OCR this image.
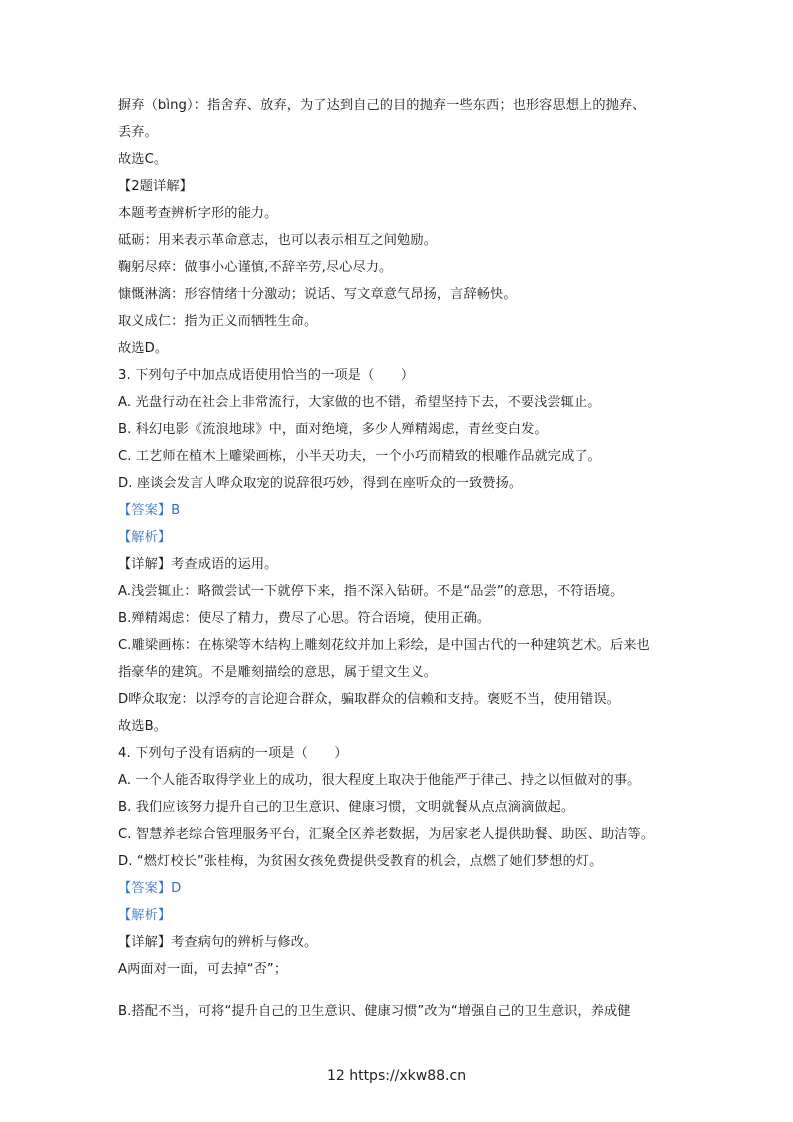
摒弃（bìng）：指舍弃、放弃，为了达到自己的目的抛弃一些东西；也形容思想上的抛弃、
丢弃。
故选C。
【2题详解】
本题考查辨析字形的能力。
砥砺：用来表示革命意志，也可以表示相互之间勉励。
鞠躬尽瘁：做事小心谨慎,不辞辛劳,尽心尽力。
慷慨淋漓：形容情绪十分激动；说话、写文章意气昂扬，言辞畅快。
取义成仁：指为正义而牺牲生命。
故选D。
3. 下列句子中加点成语使用恰当的一项是（　　）
A. 光盘行动在社会上非常流行，大家做的也不错，希望坚持下去，不要浅尝辄止。
B. 科幻电影《流浪地球》中，面对绝境，多少人殚精竭虑，青丝变白发。
C. 工艺师在植木上雕梁画栋，小半天功夫，一个小巧而精致的根雕作品就完成了。
D. 座谈会发言人哗众取宠的说辞很巧妙，得到在座听众的一致赞扬。
【答案】B
【解析】
【详解】考查成语的运用。
A.浅尝辄止：略微尝试一下就停下来，指不深入钻研。不是“品尝”的意思，不符语境。
B.殚精竭虑：使尽了精力，费尽了心思。符合语境，使用正确。
C.雕梁画栋：在栋梁等木结构上雕刻花纹并加上彩绘，是中国古代的一种建筑艺术。后来也
指豪华的建筑。不是雕刻描绘的意思，属于望文生义。
D哗众取宠：以浮夸的言论迎合群众，骗取群众的信赖和支持。褒贬不当，使用错误。
故选B。
4. 下列句子没有语病的一项是（　　）
A. 一个人能否取得学业上的成功，很大程度上取决于他能严于律己、持之以恒做对的事。
B. 我们应该努力提升自己的卫生意识、健康习惯，文明就餐从点点滴滴做起。
C. 智慧养老综合管理服务平台，汇聚全区养老数据，为居家老人提供助餐、助医、助洁等。
D. “燃灯校长”张桂梅，为贫困女孩免费提供受教育的机会，点燃了她们梦想的灯。
【答案】D
【解析】
【详解】考查病句的辨析与修改。
A两面对一面，可去掉“否”；
B.搭配不当，可将“提升自己的卫生意识、健康习惯”改为“增强自己的卫生意识，养成健
12 https://xkw88.cn
